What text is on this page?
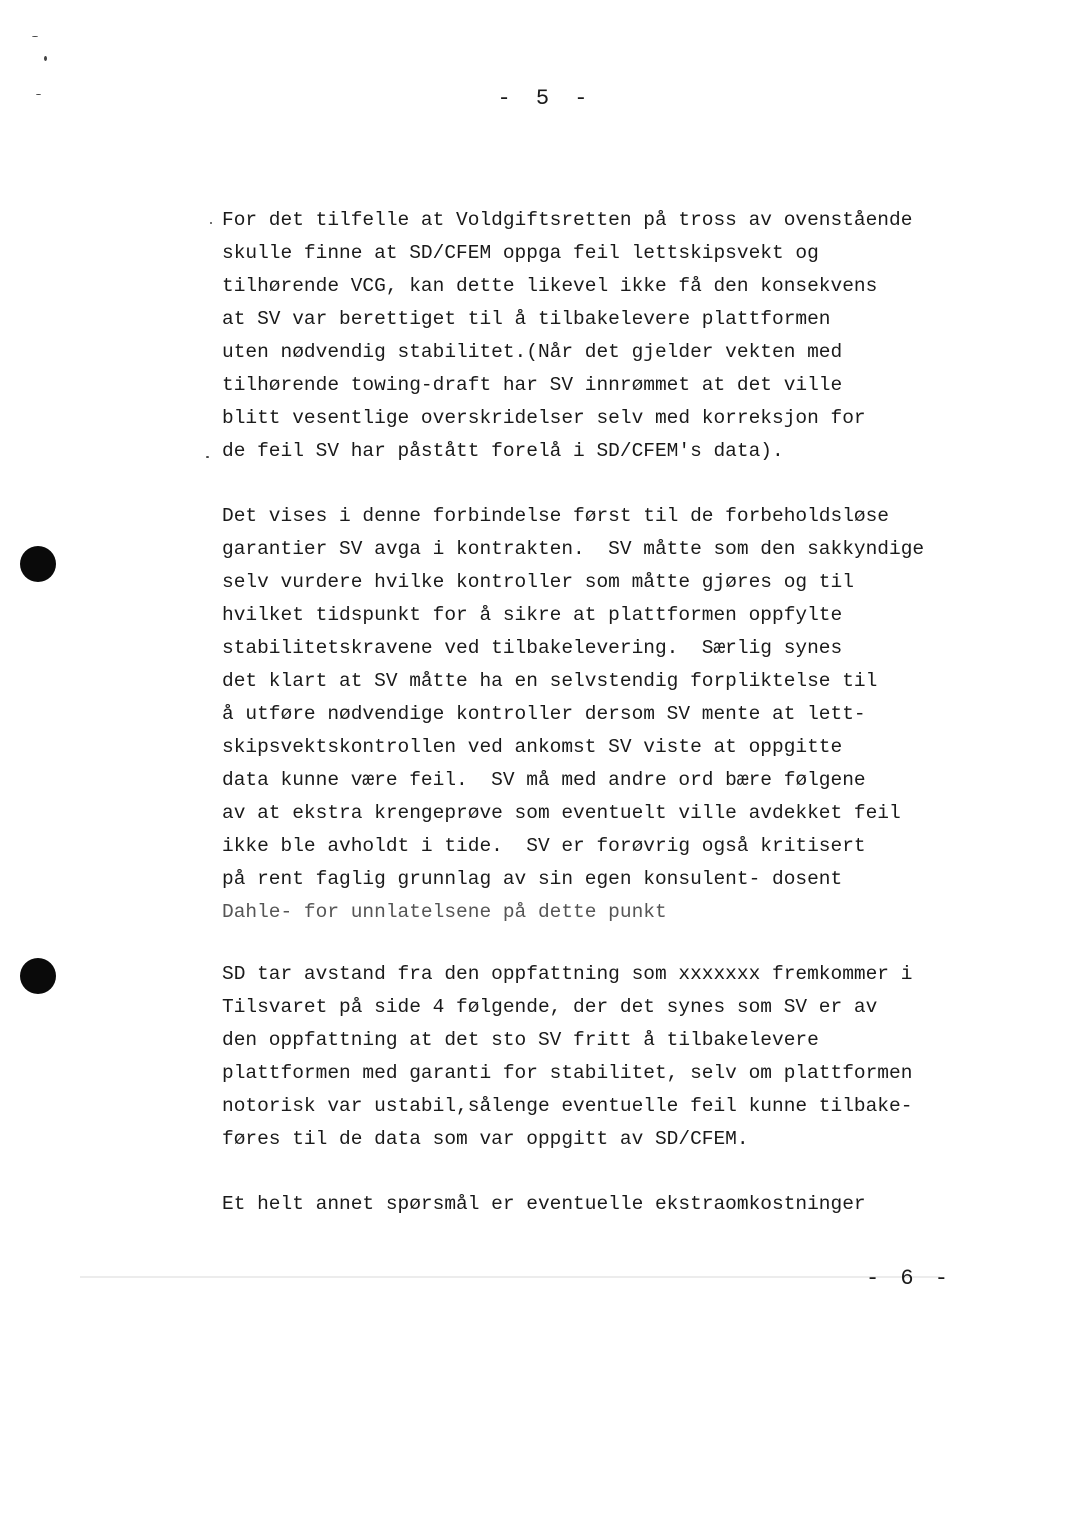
- 5 -
For det tilfelle at Voldgiftsretten på tross av ovenstående
skulle finne at SD/CFEM oppga feil lettskipsvekt og
tilhørende VCG, kan dette likevel ikke få den konsekvens
at SV var berettiget til å tilbakelevere plattformen
uten nødvendig stabilitet.(Når det gjelder vekten med
tilhørende towing-draft har SV innrømmet at det ville
blitt vesentlige overskridelser selv med korreksjon for
de feil SV har påstått forelå i SD/CFEM's data).
Det vises i denne forbindelse først til de forbeholdsløse
garantier SV avga i kontrakten.  SV måtte som den sakkyndige
selv vurdere hvilke kontroller som måtte gjøres og til
hvilket tidspunkt for å sikre at plattformen oppfylte
stabilitetskravene ved tilbakelevering.  Særlig synes
det klart at SV måtte ha en selvstendig forpliktelse til
å utføre nødvendige kontroller dersom SV mente at lett-
skipsvektskontrollen ved ankomst SV viste at oppgitte
data kunne være feil.  SV må med andre ord bære følgene
av at ekstra krengeprøve som eventuelt ville avdekket feil
ikke ble avholdt i tide.  SV er forøvrig også kritisert
på rent faglig grunnlag av sin egen konsulent- dosent
Dahle- for unnlatelsene på dette punkt
SD tar avstand fra den oppfattning som xxxxxxx fremkommer i
Tilsvaret på side 4 følgende, der det synes som SV er av
den oppfattning at det sto SV fritt å tilbakelevere
plattformen med garanti for stabilitet, selv om plattformen
notorisk var ustabil,sålenge eventuelle feil kunne tilbake-
føres til de data som var oppgitt av SD/CFEM.
Et helt annet spørsmål er eventuelle ekstraomkostninger
- 6 -
